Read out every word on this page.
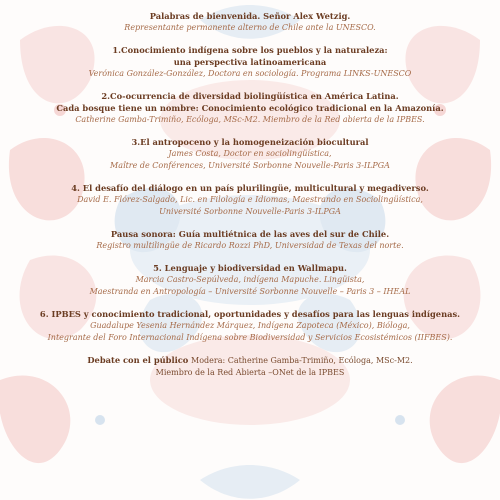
Palabras de bienvenida. Señor Alex Wetzig.
Representante permanente alterno de Chile ante la UNESCO.
1.Conocimiento indígena sobre los pueblos y la naturaleza:
una perspectiva latinoamericana
Verónica González-González, Doctora en sociología. Programa LINKS-UNESCO
2.Co-ocurrencia de diversidad biolingüística en América Latina.
Cada bosque tiene un nombre: Conocimiento ecológico tradicional en la Amazonía.
Catherine Gamba-Trimiño, Ecóloga, MSc-M2. Miembro de la Red abierta de la IPBES.
3.El antropoceno y la homogeneización biocultural
James Costa, Doctor en sociolingüística,
Maître de Conférences, Université Sorbonne Nouvelle-Paris 3-ILPGA
4. El desafío del diálogo en un país plurilingüe, multicultural y megadiverso.
David E. Flórez-Salgado, Lic. en Filología e Idiomas, Maestrando en Sociolingüística,
Université Sorbonne Nouvelle-Paris 3-ILPGA
Pausa sonora: Guía multiétnica de las aves del sur de Chile.
Registro multilingüe de Ricardo Rozzi PhD, Universidad de Texas del norte.
5. Lenguaje y biodiversidad en Wallmapu.
Marcia Castro-Sepúlveda, indígena Mapuche. Lingüista,
Maestranda en Antropología – Université Sorbonne Nouvelle – Paris 3 – IHEAL
6. IPBES y conocimiento tradicional, oportunidades y desafíos para las lenguas indígenas.
Guadalupe Yesenia Hernández Márquez, Indígena Zapoteca (México), Bióloga,
Integrante del Foro Internacional Indígena sobre Biodiversidad y Servicios Ecosistémicos (IIFBES).
Debate con el público Modera: Catherine Gamba-Trimiño, Ecóloga, MSc-M2.
Miembro de la Red Abierta –ONet de la IPBES
